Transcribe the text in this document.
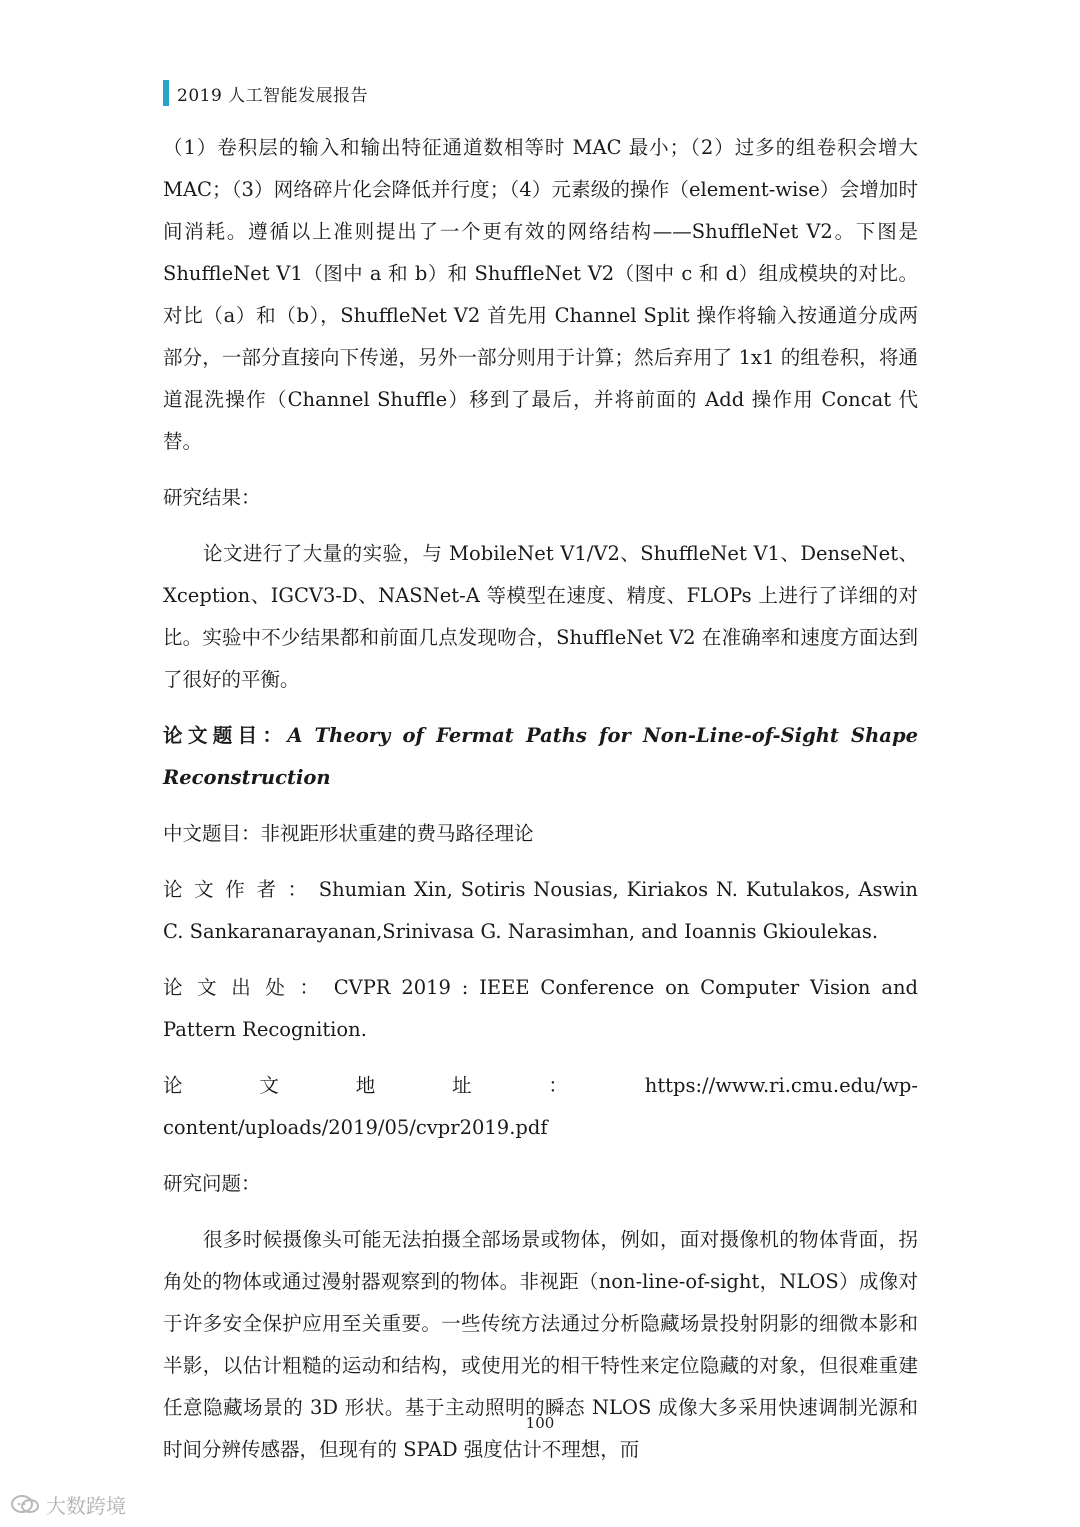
2019 人工智能发展报告

（1）卷积层的输入和输出特征通道数相等时 MAC 最小；（2）过多的组卷积会增大 MAC；（3）网络碎片化会降低并行度；（4）元素级的操作（element-wise）会增加时间消耗。遵循以上准则提出了一个更有效的网络结构——ShuffleNet V2。下图是 ShuffleNet V1（图中 a 和 b）和 ShuffleNet V2（图中 c 和 d）组成模块的对比。对比（a）和（b），ShuffleNet V2 首先用 Channel Split 操作将输入按通道分成两部分，一部分直接向下传递，另外一部分则用于计算；然后弃用了 1x1 的组卷积，将通道混洗操作（Channel Shuffle）移到了最后，并将前面的 Add 操作用 Concat 代替。

研究结果：

论文进行了大量的实验，与 MobileNet V1/V2、ShuffleNet V1、DenseNet、Xception、IGCV3-D、NASNet-A 等模型在速度、精度、FLOPs 上进行了详细的对比。实验中不少结果都和前面几点发现吻合，ShuffleNet V2 在准确率和速度方面达到了很好的平衡。

论文题目：A Theory of Fermat Paths for Non-Line-of-Sight Shape Reconstruction

中文题目：非视距形状重建的费马路径理论

论文作者：Shumian Xin, Sotiris Nousias, Kiriakos N. Kutulakos, Aswin C. Sankaranarayanan,Srinivasa G. Narasimhan, and Ioannis Gkioulekas.

论文出处：CVPR 2019 : IEEE Conference on Computer Vision and Pattern Recognition.

论文地址：https://www.ri.cmu.edu/wp-content/uploads/2019/05/cvpr2019.pdf

研究问题：

很多时候摄像头可能无法拍摄全部场景或物体，例如，面对摄像机的物体背面，拐角处的物体或通过漫射器观察到的物体。非视距（non-line-of-sight，NLOS）成像对于许多安全保护应用至关重要。一些传统方法通过分析隐藏场景投射阴影的细微本影和半影，以估计粗糙的运动和结构，或使用光的相干特性来定位隐藏的对象，但很难重建任意隐藏场景的 3D 形状。基于主动照明的瞬态 NLOS 成像大多采用快速调制光源和时间分辨传感器，但现有的 SPAD 强度估计不理想，而

100
大数跨境
